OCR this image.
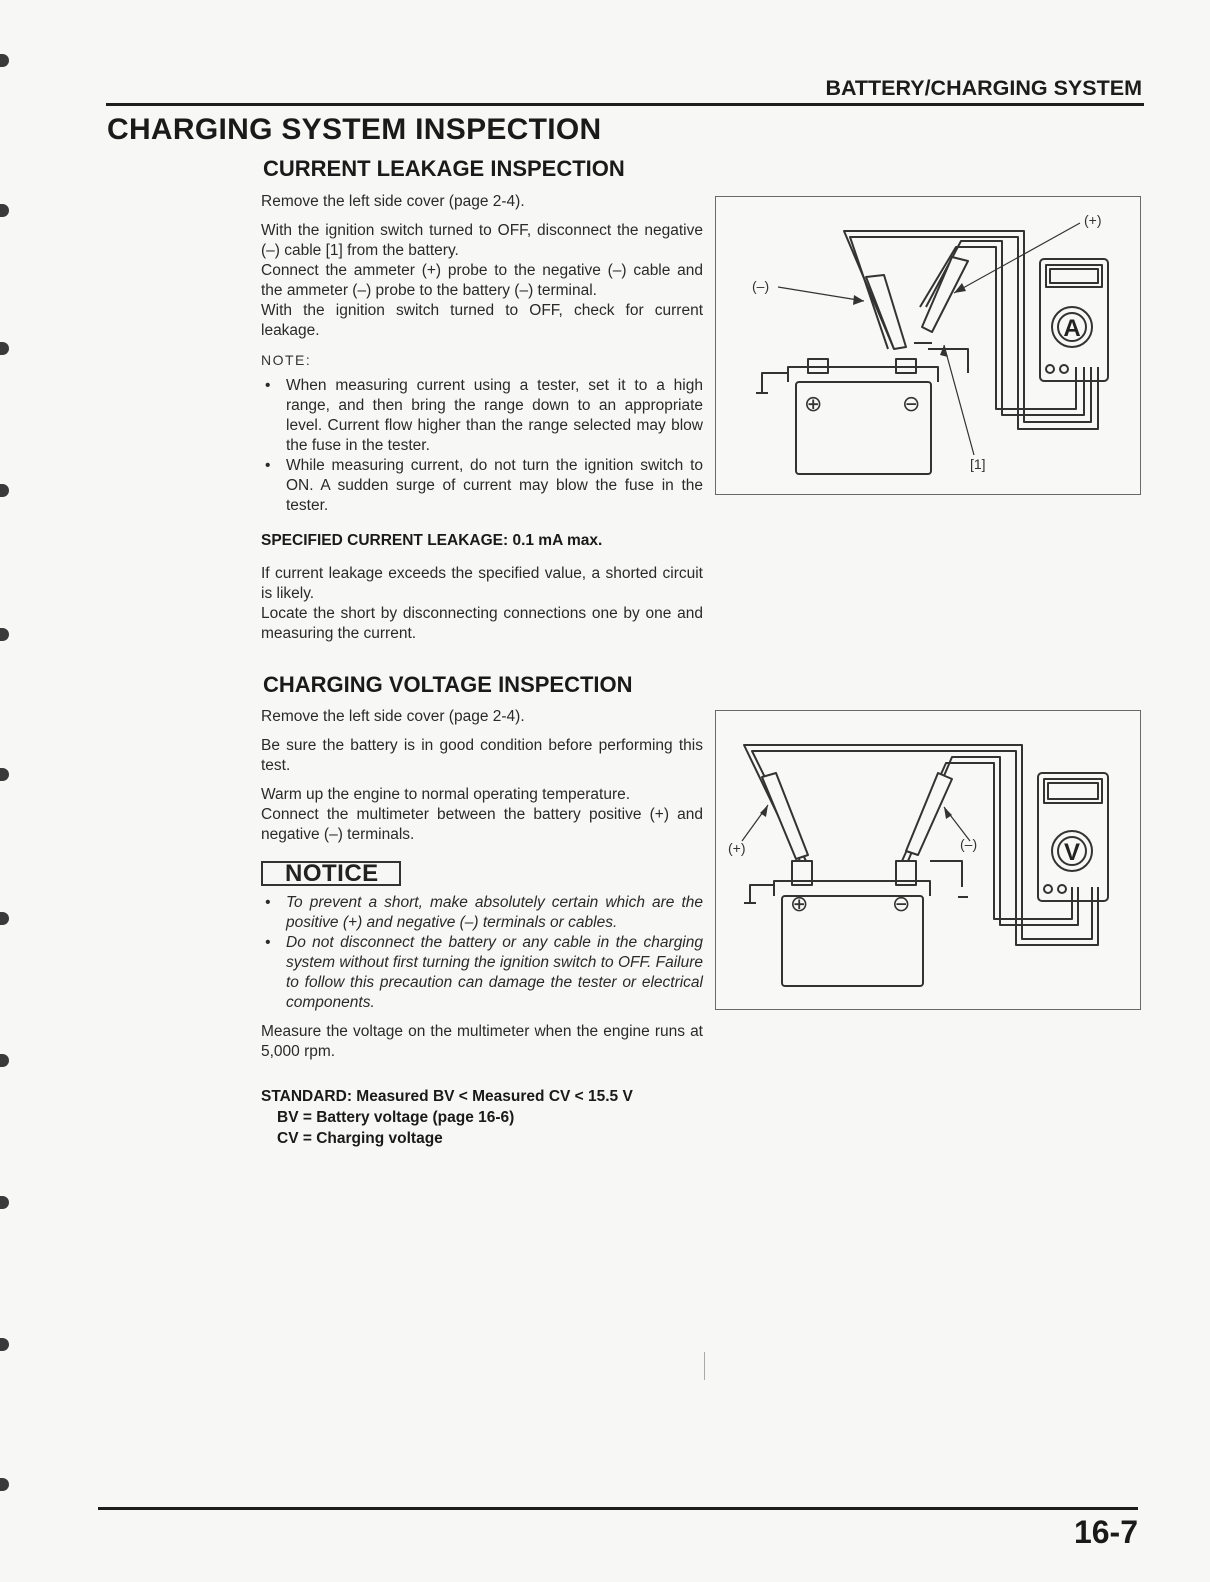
BATTERY/CHARGING SYSTEM
CHARGING SYSTEM INSPECTION
CURRENT LEAKAGE INSPECTION

Remove the left side cover (page 2-4).

With the ignition switch turned to OFF, disconnect the negative (–) cable [1] from the battery.

Connect the ammeter (+) probe to the negative (–) cable and the ammeter (–) probe to the battery (–) terminal.

With the ignition switch turned to OFF, check for current leakage.

NOTE:
• When measuring current using a tester, set it to a high range, and then bring the range down to an appropriate level. Current flow higher than the range selected may blow the fuse in the tester.
• While measuring current, do not turn the ignition switch to ON. A sudden surge of current may blow the fuse in the tester.
SPECIFIED CURRENT LEAKAGE: 0.1 mA max.

If current leakage exceeds the specified value, a shorted circuit is likely.

Locate the short by disconnecting connections one by one and measuring the current.

⊕	⊖
A
(–)
(+)
[1]
CHARGING VOLTAGE INSPECTION

Remove the left side cover (page 2-4).

Be sure the battery is in good condition before performing this test.

Warm up the engine to normal operating temperature.

Connect the multimeter between the battery positive (+) and negative (–) terminals.

NOTICE
• To prevent a short, make absolutely certain which are the positive (+) and negative (–) terminals or cables.
• Do not disconnect the battery or any cable in the charging system without first turning the ignition switch to OFF. Failure to follow this precaution can damage the tester or electrical components.

Measure the voltage on the multimeter when the engine runs at 5,000 rpm.

STANDARD: Measured BV < Measured CV < 15.5 V
BV = Battery voltage (page 16-6)
CV = Charging voltage
⊕	⊖
V
(+)	(–)
16-7
